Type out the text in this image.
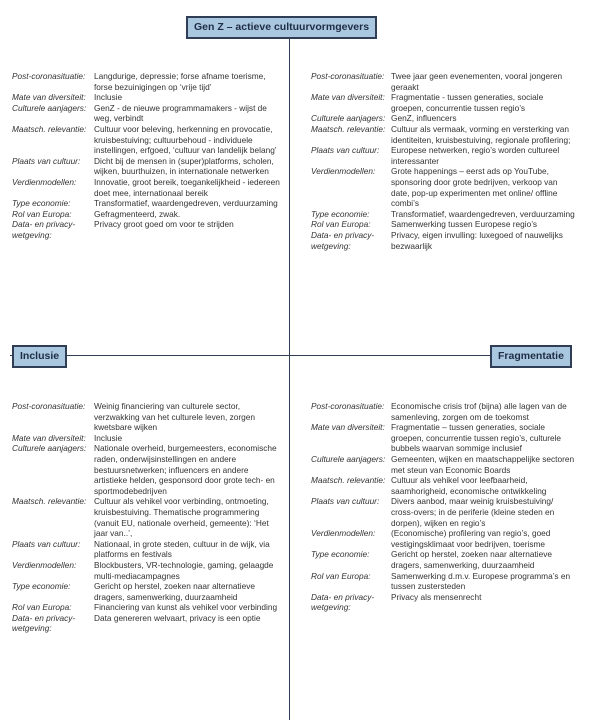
Gen Z – actieve cultuurvormgevers
Inclusie	Fragmentatie
Post-coronasituatie:	Langdurige, depressie; forse afname toerisme, forse bezuinigingen op ‘vrije tijd’
Mate van diversiteit: Inclusie
Culturele aanjagers: GenZ - de nieuwe programmamakers - wijst de weg, verbindt
Maatsch. relevantie: Cultuur voor beleving, herkenning en provocatie, kruisbestuiving; cultuurbehoud - individuele instellingen, erfgoed, ‘cultuur van landelijk belang’
Plaats van cultuur:	Dicht bij de mensen in (super)platforms, scholen, wijken, buurthuizen, in internationale netwerken
Verdienmodellen:	Innovatie, groot bereik, toegankelijkheid - iedereen doet mee, internationaal bereik
Type economie:	Transformatief, waardengedreven, verduurzaming
Rol van Europa:	Gefragmenteerd, zwak.
Data- en privacy-wetgeving:
Privacy groot goed om voor te strijden
Post-coronasituatie: Twee jaar geen evenementen, vooral jongeren geraakt
Mate van diversiteit: Fragmentatie - tussen generaties, sociale groepen, concurrentie tussen regio’s
Culturele aanjagers: GenZ, influencers
Maatsch. relevantie: Cultuur als vermaak, vorming en versterking van identiteiten, kruisbestuiving, regionale profilering;
Plaats van cultuur:	Europese netwerken, regio’s worden cultureel interessanter
Verdienmodellen:	Grote happenings – eerst ads op YouTube, sponsoring door grote bedrijven, verkoop van date, pop-up experimenten met online/ offline combi’s
Type economie:	Transformatief, waardengedreven, verduurzaming
Rol van Europa:	Samenwerking tussen Europese regio’s
Data- en privacy-wetgeving:
Privacy, eigen invulling: luxegoed of nauwelijks bezwaarlijk
Post-coronasituatie:	Weinig financiering van culturele sector, verzwakking van het culturele leven, zorgen kwetsbare wijken
Mate van diversiteit: Inclusie
Culturele aanjagers: Nationale overheid, burgemeesters, economische raden, onderwijsinstellingen en andere bestuursnetwerken; influencers en andere artistieke helden, gesponsord door grote tech- en sportmodebedrijven
Maatsch. relevantie: Cultuur als vehikel voor verbinding, ontmoeting, kruisbestuiving. Thematische programmering (vanuit EU, nationale overheid, gemeente): ‘Het jaar van..’,
Plaats van cultuur:	Nationaal, in grote steden, cultuur in de wijk, via platforms en festivals
Verdienmodellen:	Blockbusters, VR-technologie, gaming, gelaagde multi-mediacampagnes
Type economie:	Gericht op herstel, zoeken naar alternatieve dragers, samenwerking, duurzaamheid
Rol van Europa:	Financiering van kunst als vehikel voor verbinding
Data- en privacy-wetgeving:
Data genereren welvaart, privacy is een optie
Post-coronasituatie: Economische crisis trof (bijna) alle lagen van de samenleving, zorgen om de toekomst
Mate van diversiteit: Fragmentatie – tussen generaties, sociale groepen, concurrentie tussen regio’s, culturele bubbels waarvan sommige inclusief
Culturele aanjagers: Gemeenten, wijken en maatschappelijke sectoren met steun van Economic Boards
Maatsch. relevantie: Cultuur als vehikel voor leefbaarheid, saamhorigheid, economische ontwikkeling
Plaats van cultuur:	Divers aanbod, maar weinig kruisbestuiving/ cross-overs; in de periferie (kleine steden en dorpen), wijken en regio’s
Verdienmodellen:	(Economische) profilering van regio’s, goed vestigingsklimaat voor bedrijven, toerisme
Type economie:	Gericht op herstel, zoeken naar alternatieve dragers, samenwerking, duurzaamheid
Rol van Europa:	Samenwerking d.m.v. Europese programma’s en tussen zustersteden
Data- en privacy-wetgeving:
Privacy als mensenrecht
